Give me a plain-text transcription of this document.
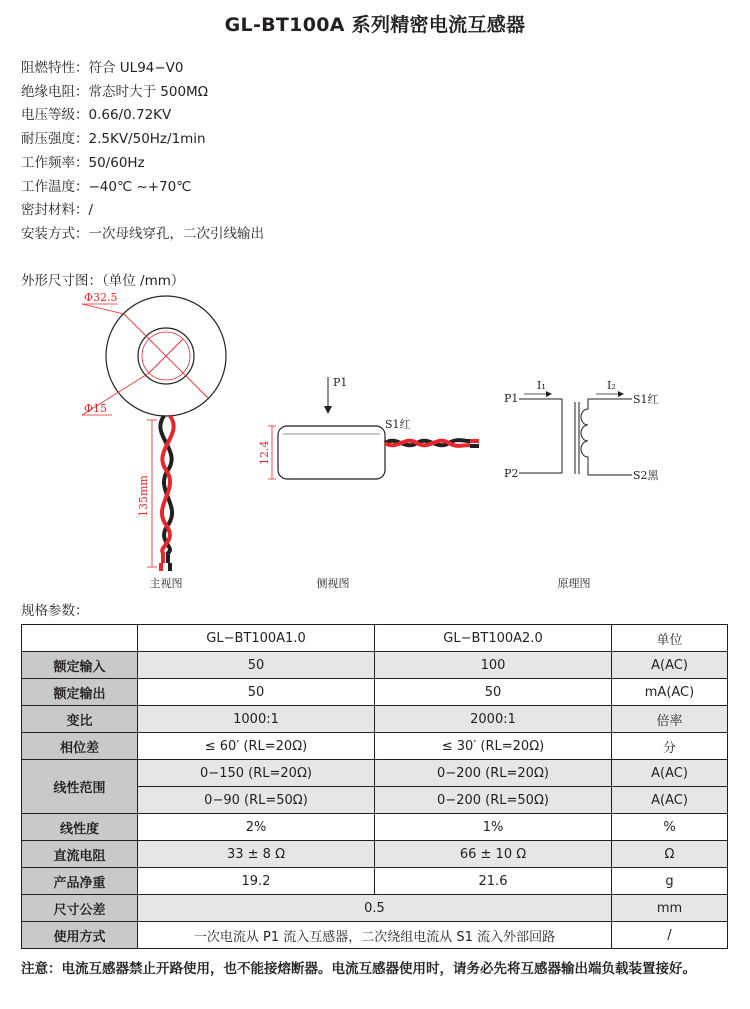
GL-BT100A 系列精密电流互感器
阻燃特性：符合 UL94−V0
绝缘电阻：常态时大于 500MΩ
电压等级：0.66/0.72KV
耐压强度：2.5KV/50Hz/1min
工作频率：50/60Hz
工作温度：−40℃ ~+70℃
密封材料：/
安装方式：一次母线穿孔，二次引线输出
外形尺寸图：（单位 /mm）
Φ32.5
Φ15
135mm
主视图
P1
12.4
S1红
侧视图
P1
P2
I₁	I₂
S1红
S2黑
原理图
规格参数：
	GL−BT100A1.0	GL−BT100A2.0	单位
额定输入	50	100	A(AC)
额定输出	50	50	mA(AC)
变比	1000:1	2000:1	倍率
相位差	≤ 60′ (RL=20Ω)	≤ 30′ (RL=20Ω)	分
线性范围	0−150 (RL=20Ω)	0−200 (RL=20Ω)	A(AC)
	0−90 (RL=50Ω)	0−200 (RL=50Ω)	A(AC)
线性度	2%	1%	%
直流电阻	33 ± 8 Ω	66 ± 10 Ω	Ω
产品净重	19.2	21.6	g
尺寸公差	0.5		mm
使用方式	一次电流从 P1 流入互感器，二次绕组电流从 S1 流入外部回路		/
注意：电流互感器禁止开路使用，也不能接熔断器。电流互感器使用时，请务必先将互感器输出端负载装置接好。
